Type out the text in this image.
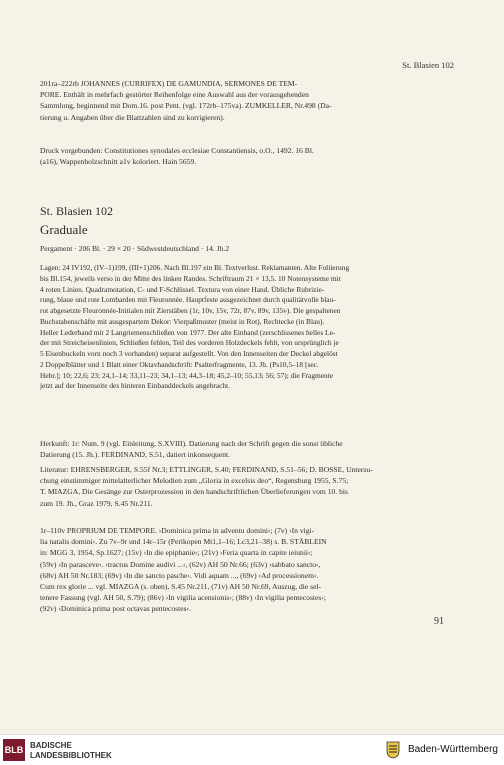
St. Blasien 102

201ra–222rb JOHANNES (CURRIFEX) DE GAMUNDIA, SERMONES DE TEM-

PORE. Enthält in mehrfach gestörter Reihenfolge eine Auswahl aus der vorausgehenden

Sammlung, beginnend mit Dom.16. post Pent. (vgl. 172rb–175va). ZUMKELLER, Nr.498 (Da-

tierung u. Angaben über die Blattzahlen sind zu korrigieren).

Druck vorgebunden: Constitutiones synodales ecclesiae Constantiensis, o.O., 1492. 16 Bl.

(a16), Wappenholzschnitt a1v koloriert. Hain 5659.

St. Blasien 102
Graduale

Pergament · 206 Bl. · 29 × 20 · Südwestdeutschland · 14. Jh.2

Lagen: 24 IV192, (IV–1)199, (III+1)206. Nach Bl.197 ein Bl. Textverlust. Reklamanten. Alte Foliierung

bis Bl.154, jeweils verso in der Mitte des linken Randes. Schriftraum 21 × 13,5. 10 Notensysteme mit

4 roten Linien. Quadratnotation, C- und F-Schlüssel. Textura von einer Hand. Übliche Rubrizie-

rung, blaue und rote Lombarden mit Fleuronnée. Hauptfeste ausgezeichnet durch qualitätvolle blau-

rot abgesetzte Fleuronnée-Initialen mit Zierstäben (1r, 10v, 15v, 72r, 87v, 89v, 135v). Die gespaltenen

Buchstabenschäfte mit ausgespartem Dekor: Vierpaßmuster (meist in Rot), Rechtecke (in Blau).

Heller Lederband mit 2 Langriemenschließen von 1977. Der alte Einband (zerschlissenes helles Le-

der mit Streicheisenlinien, Schließen fehlen, Teil des vorderen Holzdeckels fehlt, von ursprünglich je

5 Eisenbuckeln vorn noch 3 vorhanden) separat aufgestellt. Von den Innenseiten der Deckel abgelöst

2 Doppelblätter und 1 Blatt einer Oktavhandschrift: Psalterfragmente, 13. Jh. (Ps10,5–18 [sec.

Hebr.]; 10; 22,6; 23; 24,1–14; 33,11–23; 34,1–13; 44,3–18; 45,2–10; 55,13; 56; 57); die Fragmente

jetzt auf der Innenseite des hinteren Einbanddeckels angebracht.

Herkunft: 1r: Num. 9 (vgl. Einleitung, S.XVIII). Datierung nach der Schrift gegen die sonst übliche

Datierung (15. Jh.). FERDINAND, S.51, datiert inkonsequent.

Literatur: EHRENSBERGER, S.55f Nr.3; ETTLINGER, S.40; FERDINAND, S.51–56; D. BOSSE, Untersu-

chung einstimmiger mittelalterlicher Melodien zum „Gloria in excelsis deo“, Regensburg 1955, S.75;

T. MIAZGA, Die Gesänge zur Osterprozession in den handschriftlichen Überlieferungen vom 10. bis

zum 19. Jh., Graz 1979, S.45 Nr.211.

1r–110v PROPRIUM DE TEMPORE. ›Dominica prima in adventu domini‹; (7v) ›In vigi-

lia natalis domini‹. Zu 7v–9r und 14r–15r (Perikopen Mt1,1–16; Lc3,21–38) s. B. STÄBLEIN

in: MGG 3, 1954, Sp.1627; (15v) ›In die epiphanie‹; (21v) ›Feria quarta in capite ieiunii‹;

(59v) ›In parasceve‹. ›tractus Domine audivi ...‹, (62v) AH 50 Nr.66; (63v) ›sabbato sancto‹,

(68v) AH 50 Nr.183; (69v) ›In die sancto pasche‹. Vidi aquam ..., (69v) ›Ad processionem‹.

Cum rex glorie ... vgl. MIAZGA (s. oben), S.45 Nr.211, (71v) AH 50 Nr.69, Auszug, die sel-

tenere Fassung (vgl. AH 50, S.79); (86v) ›In vigilia acensionis‹; (88v) ›In vigilia pentecostes‹;

(92v) ›Dominica prima post octavas pentecostes‹.

91
BLB BADISCHE
LANDESBIBLIOTHEK
Baden-Württemberg
